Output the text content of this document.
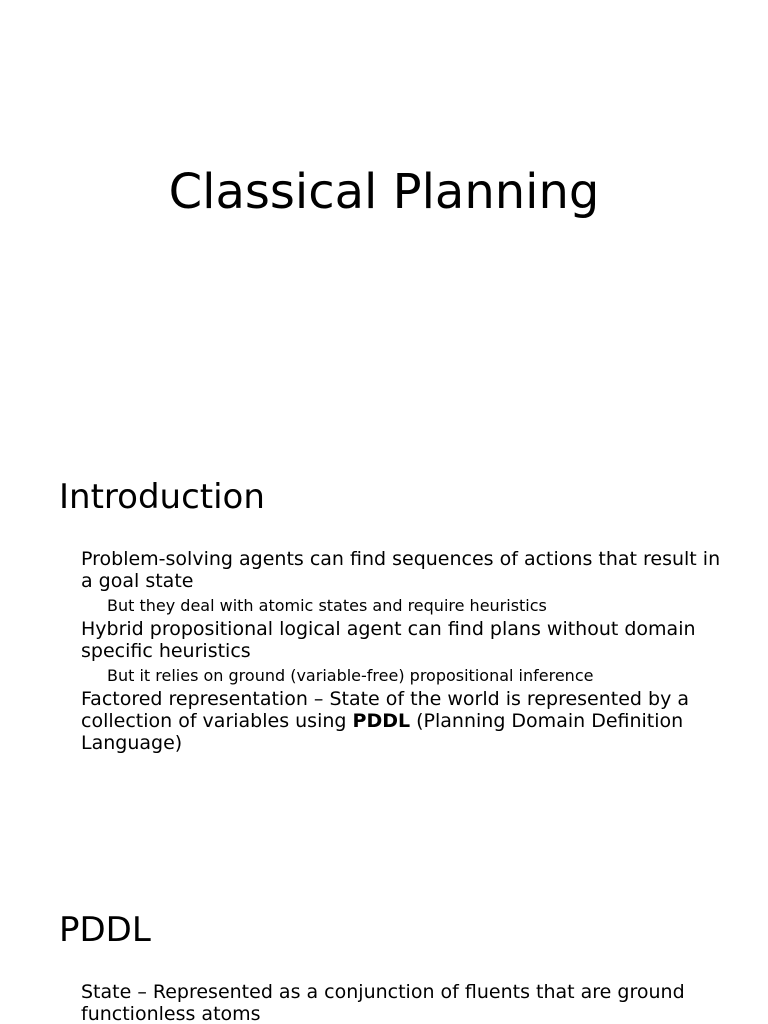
Classical Planning
Introduction
Problem-solving agents can find sequences of actions that result in a goal state
But they deal with atomic states and require heuristics
Hybrid propositional logical agent can find plans without domain specific heuristics
But it relies on ground (variable-free) propositional inference
Factored representation – State of the world is represented by a collection of variables using PDDL (Planning Domain Definition Language)
PDDL
State – Represented as a conjunction of fluents that are ground functionless atoms
